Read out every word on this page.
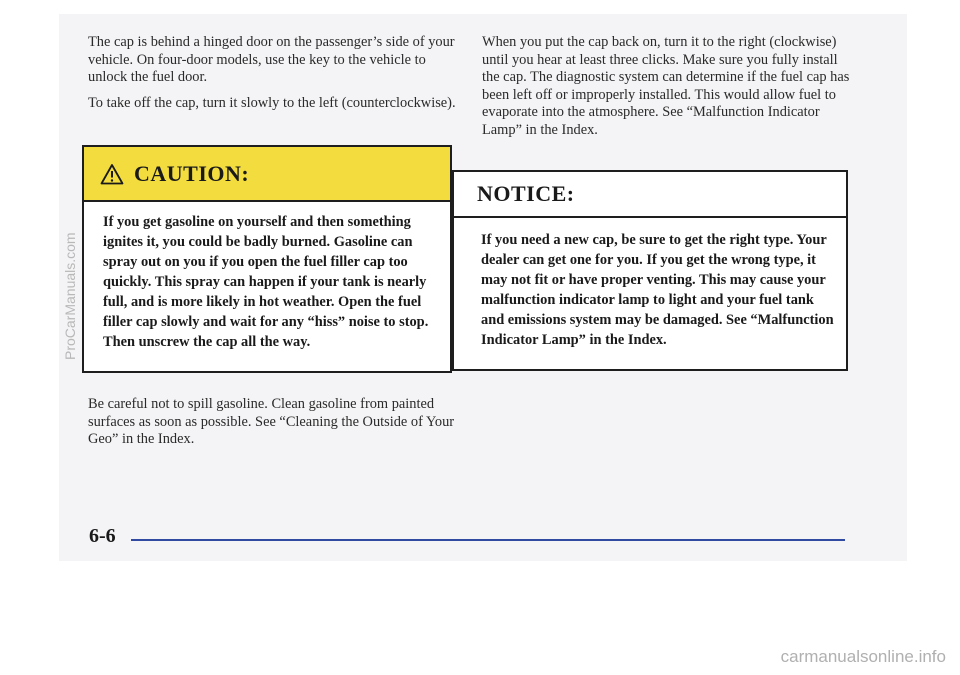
The cap is behind a hinged door on the passenger’s side of your vehicle. On four-door models, use the key to the vehicle to unlock the fuel door.

To take off the cap, turn it slowly to the left (counterclockwise).

CAUTION:
If you get gasoline on yourself and then something ignites it, you could be badly burned. Gasoline can spray out on you if you open the fuel filler cap too quickly. This spray can happen if your tank is nearly full, and is more likely in hot weather. Open the fuel filler cap slowly and wait for any “hiss” noise to stop. Then unscrew the cap all the way.

Be careful not to spill gasoline. Clean gasoline from painted surfaces as soon as possible. See “Cleaning the Outside of Your Geo” in the Index.

When you put the cap back on, turn it to the right (clockwise) until you hear at least three clicks. Make sure you fully install the cap. The diagnostic system can determine if the fuel cap has been left off or improperly installed. This would allow fuel to evaporate into the atmosphere. See “Malfunction Indicator Lamp” in the Index.

NOTICE:
If you need a new cap, be sure to get the right type. Your dealer can get one for you. If you get the wrong type, it may not fit or have proper venting. This may cause your malfunction indicator lamp to light and your fuel tank and emissions system may be damaged. See “Malfunction Indicator Lamp” in the Index.
6-6
ProCarManuals.com
carmanualsonline.info
